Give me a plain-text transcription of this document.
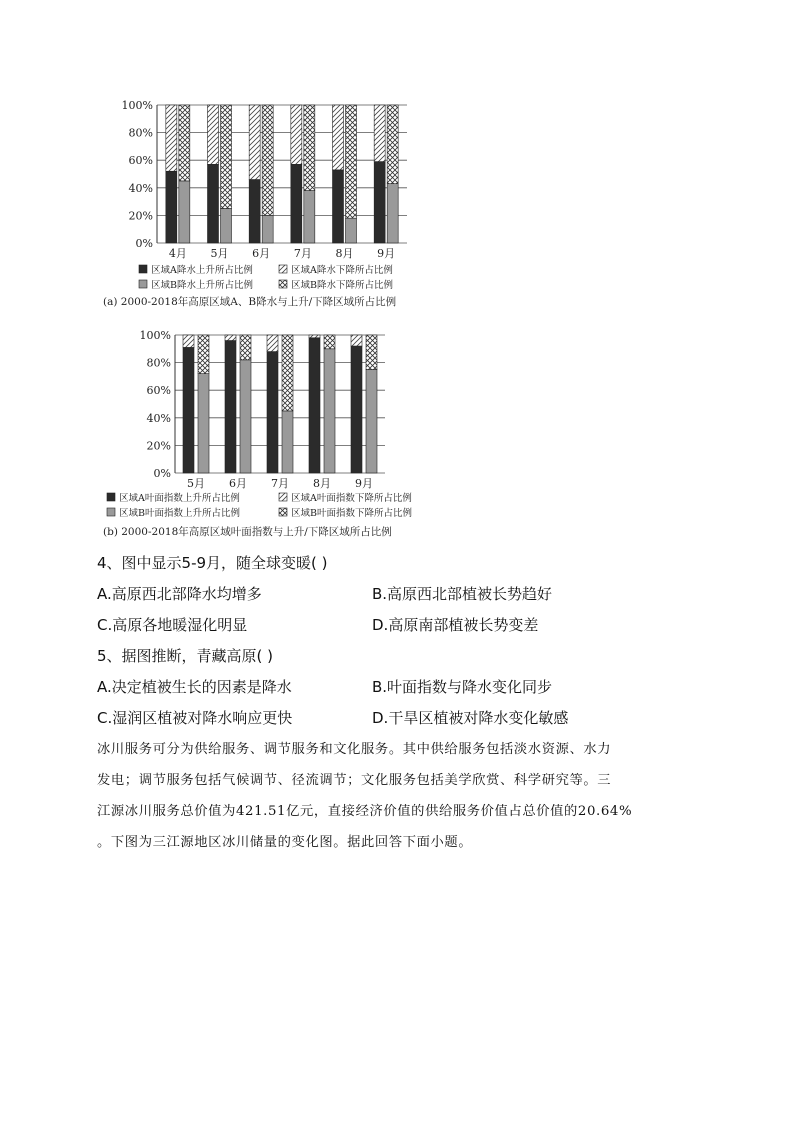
0%
20%
40%
60%
80%
100%
4月 5月 6月 7月 8月 9月
区域A降水上升所占比例	区域A降水下降所占比例
区域B降水上升所占比例	区域B降水下降所占比例
(a) 2000-2018年高原区域A、B降水与上升/下降区域所占比例
0%
20%
40%
60%
80%
100%
5月 6月 7月 8月 9月
区域A叶面指数上升所占比例	区域A叶面指数下降所占比例
区域B叶面指数上升所占比例	区域B叶面指数下降所占比例
(b) 2000-2018年高原区域叶面指数与上升/下降区域所占比例
4、图中显示5-9月，随全球变暖( )
A.高原西北部降水均增多	B.高原西北部植被长势趋好
C.高原各地暖湿化明显	D.高原南部植被长势变差
5、据图推断，青藏高原( )
A.决定植被生长的因素是降水	B.叶面指数与降水变化同步
C.湿润区植被对降水响应更快	D.干旱区植被对降水变化敏感
冰川服务可分为供给服务、调节服务和文化服务。其中供给服务包括淡水资源、水力
发电；调节服务包括气候调节、径流调节；文化服务包括美学欣赏、科学研究等。三
江源冰川服务总价值为421.51亿元，直接经济价值的供给服务价值占总价值的20.64%
。下图为三江源地区冰川储量的变化图。据此回答下面小题。
